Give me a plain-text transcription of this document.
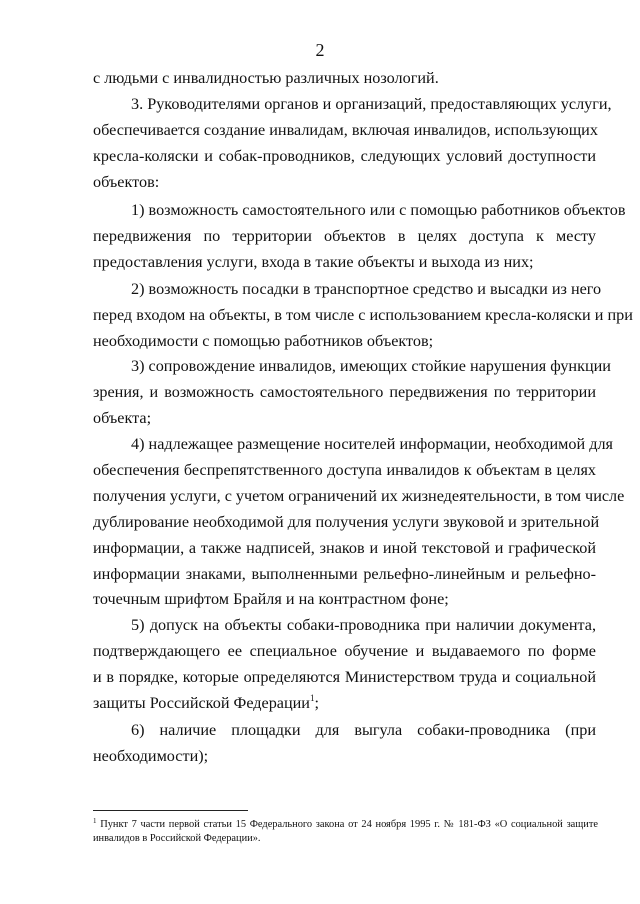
2
с людьми с инвалидностью различных нозологий.
3. Руководителями органов и организаций, предоставляющих услуги,
обеспечивается создание инвалидам, включая инвалидов, использующих
кресла-коляски и собак-проводников, следующих условий доступности
объектов:
1) возможность самостоятельного или с помощью работников объектов
передвижения по территории объектов в целях доступа к месту
предоставления услуги, входа в такие объекты и выхода из них;
2) возможность посадки в транспортное средство и высадки из него
перед входом на объекты, в том числе с использованием кресла-коляски и при
необходимости с помощью работников объектов;
3) сопровождение инвалидов, имеющих стойкие нарушения функции
зрения, и возможность самостоятельного передвижения по территории
объекта;
4) надлежащее размещение носителей информации, необходимой для
обеспечения беспрепятственного доступа инвалидов к объектам в целях
получения услуги, с учетом ограничений их жизнедеятельности, в том числе
дублирование необходимой для получения услуги звуковой и зрительной
информации, а также надписей, знаков и иной текстовой и графической
информации знаками, выполненными рельефно-линейным и рельефно-
точечным шрифтом Брайля и на контрастном фоне;
5) допуск на объекты собаки-проводника при наличии документа,
подтверждающего ее специальное обучение и выдаваемого по форме
и в порядке, которые определяются Министерством труда и социальной
защиты Российской Федерации$^1$;
6) наличие площадки для выгула собаки-проводника (при
необходимости);
$^1$ Пункт 7 части первой статьи 15 Федерального закона от 24 ноября 1995 г. № 181-ФЗ «О социальной защите
инвалидов в Российской Федерации».
